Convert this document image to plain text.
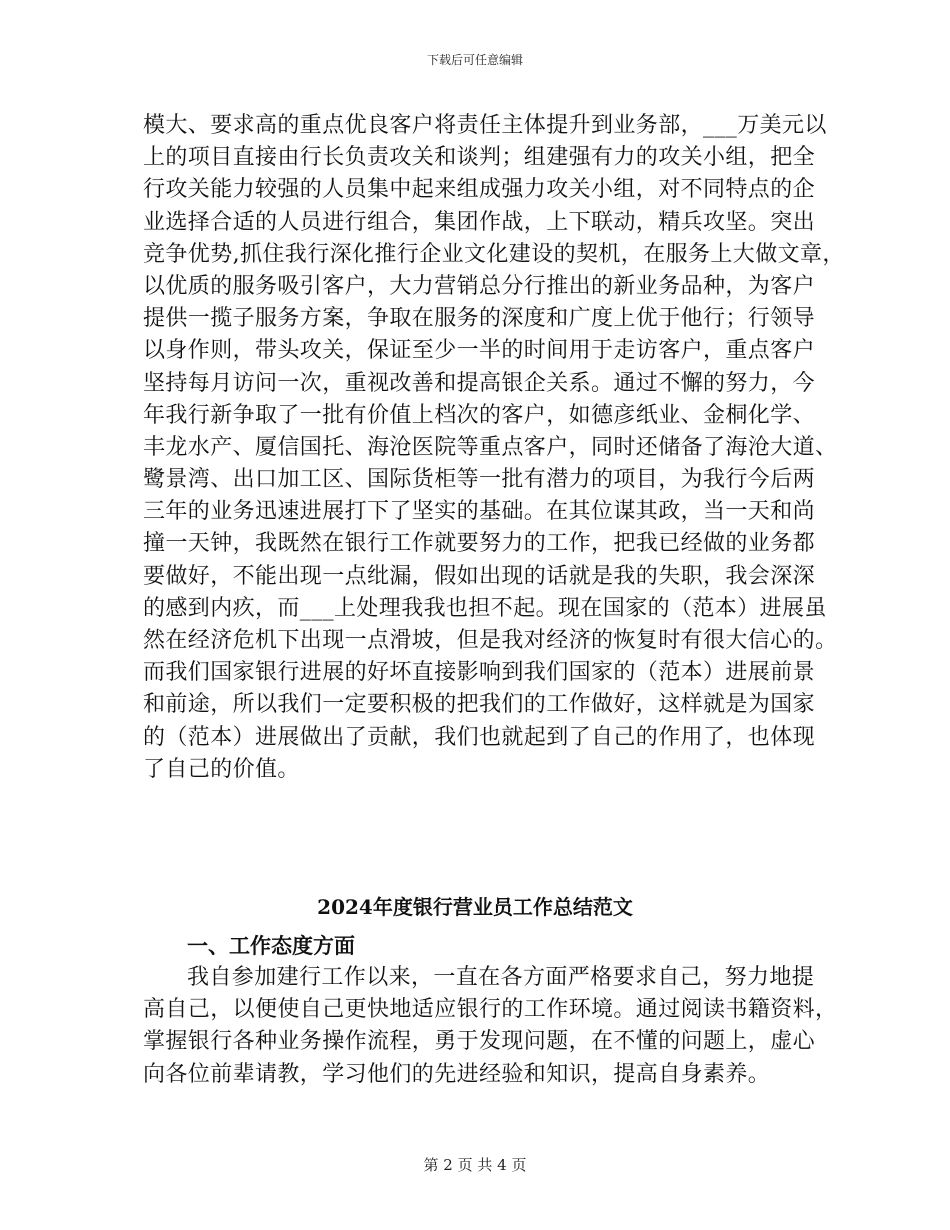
下载后可任意编辑
模大、要求高的重点优良客户将责任主体提升到业务部，___万美元以
上的项目直接由行长负责攻关和谈判；组建强有力的攻关小组，把全
行攻关能力较强的人员集中起来组成强力攻关小组，对不同特点的企
业选择合适的人员进行组合，集团作战，上下联动，精兵攻坚。突出
竞争优势,抓住我行深化推行企业文化建设的契机，在服务上大做文章，
以优质的服务吸引客户，大力营销总分行推出的新业务品种，为客户
提供一揽子服务方案，争取在服务的深度和广度上优于他行；行领导
以身作则，带头攻关，保证至少一半的时间用于走访客户，重点客户
坚持每月访问一次，重视改善和提高银企关系。通过不懈的努力，今
年我行新争取了一批有价值上档次的客户，如德彦纸业、金桐化学、
丰龙水产、厦信国托、海沧医院等重点客户，同时还储备了海沧大道、
鹭景湾、出口加工区、国际货柜等一批有潜力的项目，为我行今后两
三年的业务迅速进展打下了坚实的基础。在其位谋其政，当一天和尚
撞一天钟，我既然在银行工作就要努力的工作，把我已经做的业务都
要做好，不能出现一点纰漏，假如出现的话就是我的失职，我会深深
的感到内疚，而___上处理我我也担不起。现在国家的（范本）进展虽
然在经济危机下出现一点滑坡，但是我对经济的恢复时有很大信心的。
而我们国家银行进展的好坏直接影响到我们国家的（范本）进展前景
和前途，所以我们一定要积极的把我们的工作做好，这样就是为国家
的（范本）进展做出了贡献，我们也就起到了自己的作用了，也体现
了自己的价值。
2024年度银行营业员工作总结范文
一、工作态度方面
我自参加建行工作以来，一直在各方面严格要求自己，努力地提
高自己，以便使自己更快地适应银行的工作环境。通过阅读书籍资料，
掌握银行各种业务操作流程，勇于发现问题，在不懂的问题上，虚心
向各位前辈请教，学习他们的先进经验和知识，提高自身素养。
第 2 页 共 4 页
